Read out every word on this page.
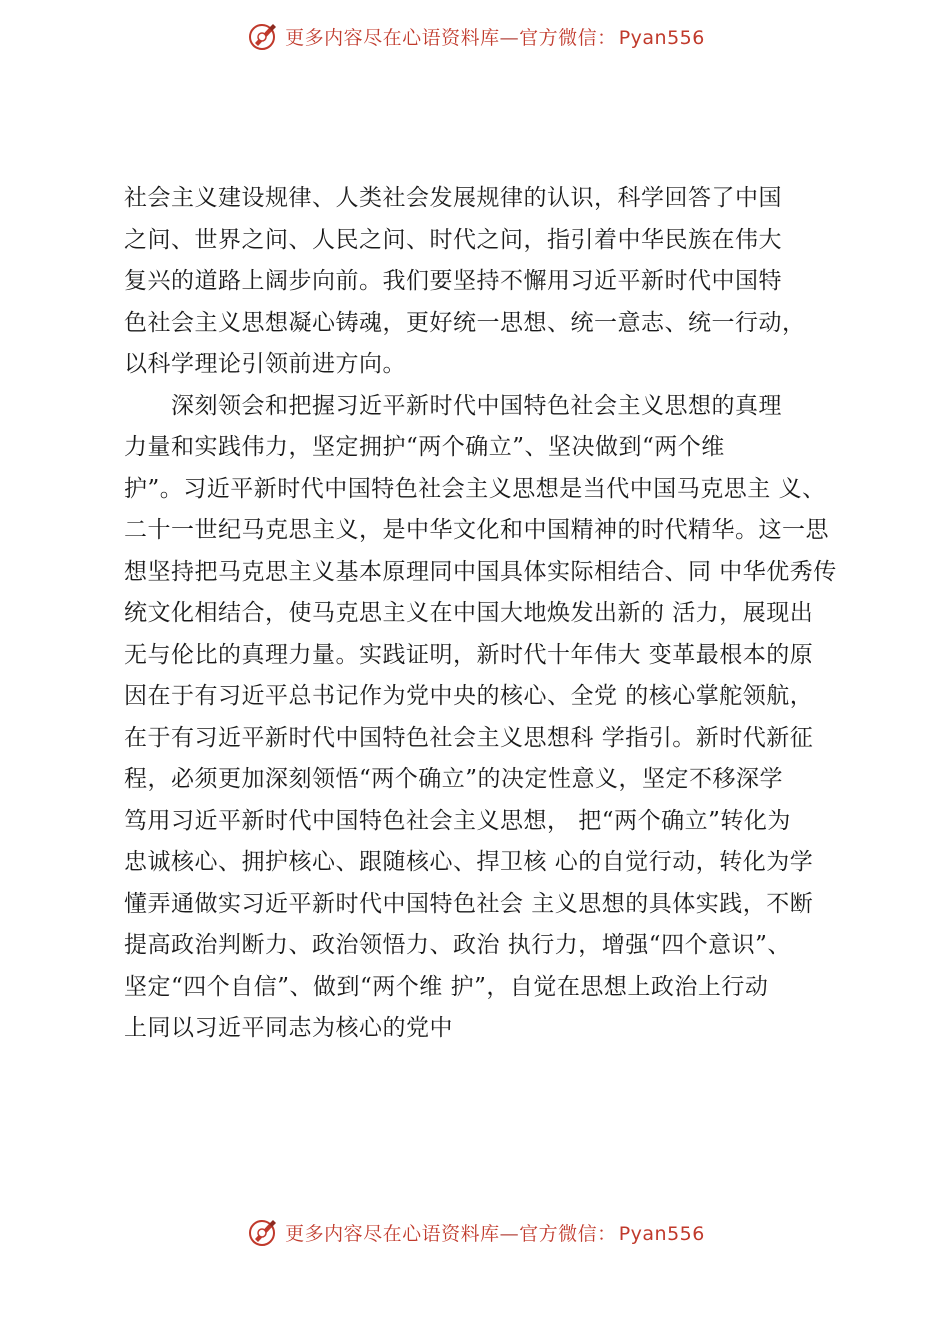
更多内容尽在心语资料库—官方微信： Pyan556
社会主义建设规律、人类社会发展规律的认识，科学回答了中国
之问、世界之问、人民之问、时代之问，指引着中华民族在伟大
复兴的道路上阔步向前。我们要坚持不懈用习近平新时代中国特
色社会主义思想凝心铸魂，更好统一思想、统一意志、统一行动，
以科学理论引领前进方向。
　　深刻领会和把握习近平新时代中国特色社会主义思想的真理
力量和实践伟力，坚定拥护“两个确立”、坚决做到“两个维
护”。习近平新时代中国特色社会主义思想是当代中国马克思主 义、
二十一世纪马克思主义，是中华文化和中国精神的时代精华。这一思
想坚持把马克思主义基本原理同中国具体实际相结合、同 中华优秀传
统文化相结合，使马克思主义在中国大地焕发出新的 活力，展现出
无与伦比的真理力量。实践证明，新时代十年伟大 变革最根本的原
因在于有习近平总书记作为党中央的核心、全党 的核心掌舵领航，
在于有习近平新时代中国特色社会主义思想科 学指引。新时代新征
程，必须更加深刻领悟“两个确立”的决定性意义，坚定不移深学
笃用习近平新时代中国特色社会主义思想， 把“两个确立”转化为
忠诚核心、拥护核心、跟随核心、捍卫核 心的自觉行动，转化为学
懂弄通做实习近平新时代中国特色社会 主义思想的具体实践，不断
提高政治判断力、政治领悟力、政治 执行力，增强“四个意识”、
坚定“四个自信”、做到“两个维 护”，自觉在思想上政治上行动
上同以习近平同志为核心的党中
更多内容尽在心语资料库—官方微信： Pyan556
